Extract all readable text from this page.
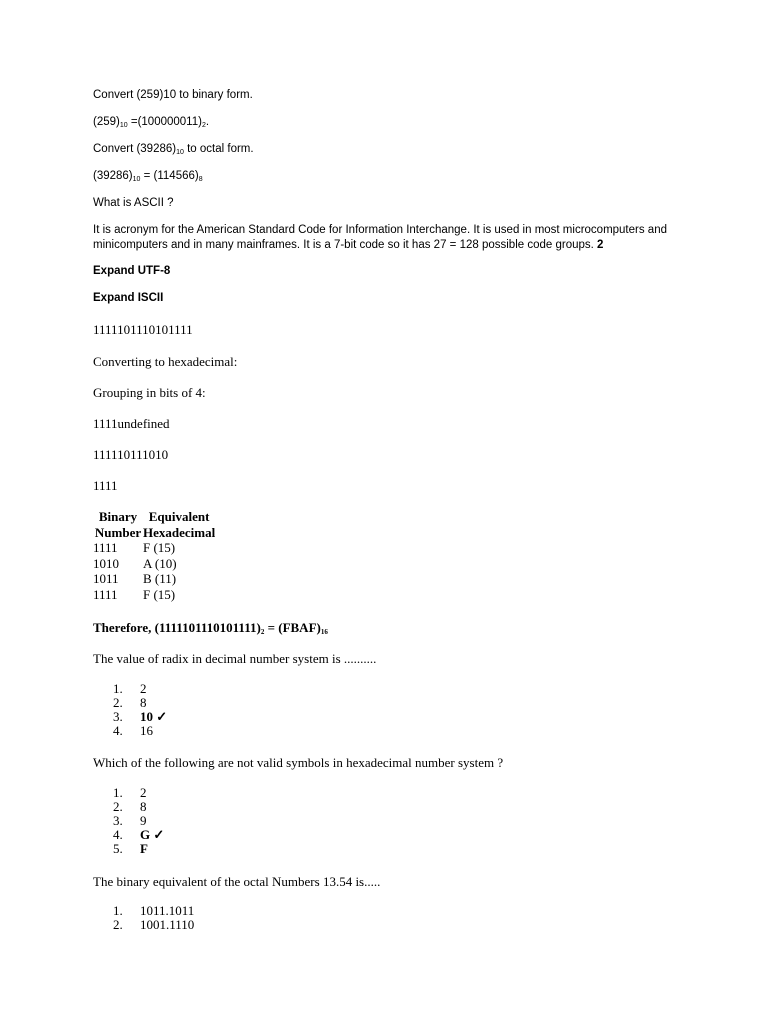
Convert (259)10 to binary form.
$(259)_{10} =(100000011)_2$.
Convert $(39286)_{10}$ to octal form.
$(39286)_{10} = (114566)_8$
What is ASCII ?
It is acronym for the American Standard Code for Information Interchange. It is used in most microcomputers and minicomputers and in many mainframes. It is a 7-bit code so it has 27 = 128 possible code groups. 2
Expand UTF-8
Expand ISCII
1111101110101111
Converting to hexadecimal:
Grouping in bits of 4:
1111undefined
111110111010
1111
Binary
Number	Equivalent
Hexadecimal
1111	F (15)
1010	A (10)
1011	B (11)
1111	F (15)
Therefore, $(1111101110101111)_2$ = $(FBAF)_{16}$
The value of radix in decimal number system is ..........
1. 2
2. 8
3. 10 ✓
4. 16
Which of the following are not valid symbols in hexadecimal number system ?
1. 2
2. 8
3. 9
4. G ✓
5. F
The binary equivalent of the octal Numbers 13.54 is.....
1. 1011.1011
2. 1001.1110
